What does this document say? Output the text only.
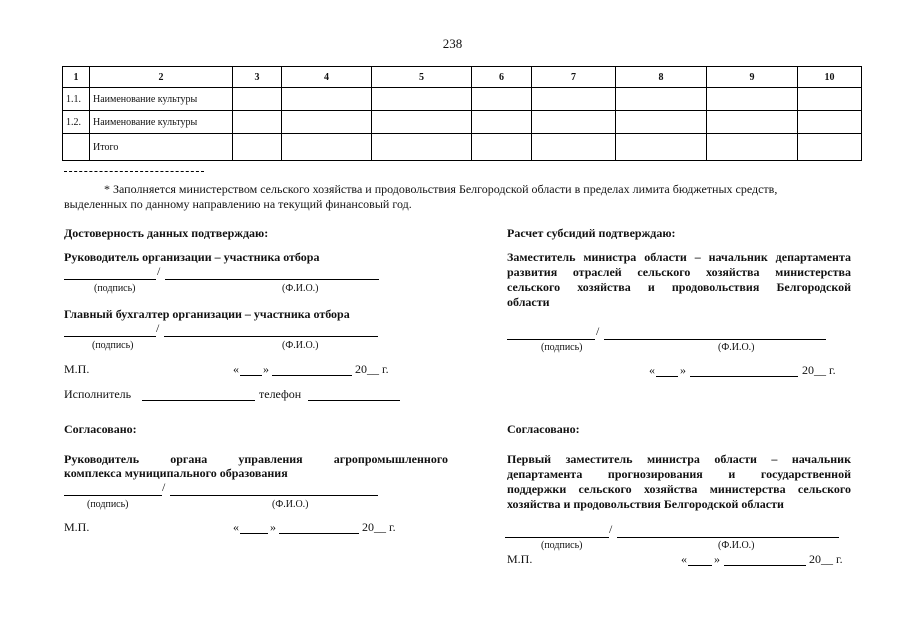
238
1	2	3	4	5	6	7	8	9	10
1.1.	Наименование культуры								
1.2.	Наименование культуры								
	Итого								
* Заполняется министерством сельского хозяйства и продовольствия Белгородской области в пределах лимита бюджетных средств,
выделенных по данному направлению на текущий финансовый год.
Достоверность данных подтверждаю:
Руководитель организации – участника отбора
/
(подпись)	(Ф.И.О.)
Главный бухгалтер организации – участника отбора
/
(подпись)	(Ф.И.О.)
М.П.	« »	20__ г.
Исполнитель	телефон
Согласовано:
Руководитель органа управления агропромышленного
комплекса муниципального образования
/
(подпись)	(Ф.И.О.)
М.П.	«	»	20__ г.
Расчет субсидий подтверждаю:
Заместитель министра области – начальник департамента
развития отраслей сельского хозяйства министерства
сельского хозяйства и продовольствия Белгородской
области
/
(подпись)	(Ф.И.О.)
« »	20__ г.
Согласовано:
Первый заместитель министра области – начальник
департамента прогнозирования и государственной
поддержки сельского хозяйства министерства сельского
хозяйства и продовольствия Белгородской области
/
(подпись)	(Ф.И.О.)
М.П.	« »	20__ г.
